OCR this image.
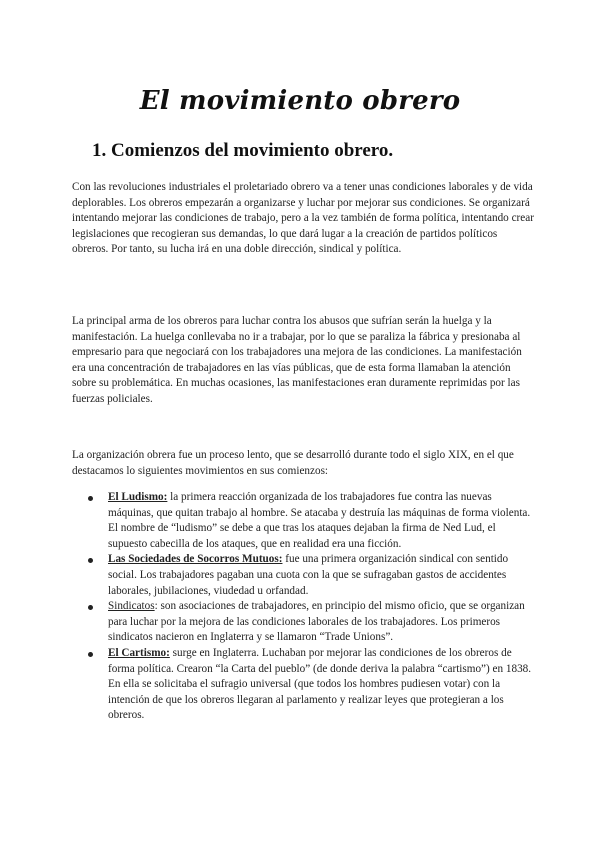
El movimiento obrero
1. Comienzos del movimiento obrero.

Con las revoluciones industriales el proletariado obrero va a tener unas condiciones laborales y de vida deplorables. Los obreros empezarán a organizarse y luchar por mejorar sus condiciones. Se organizará intentando mejorar las condiciones de trabajo, pero a la vez también de forma política, intentando crear legislaciones que recogieran sus demandas, lo que dará lugar a la creación de partidos políticos obreros. Por tanto, su lucha irá en una doble dirección, sindical y política.

La principal arma de los obreros para luchar contra los abusos que sufrían serán la huelga y la manifestación. La huelga conllevaba no ir a trabajar, por lo que se paraliza la fábrica y presionaba al empresario para que negociará con los trabajadores una mejora de las condiciones. La manifestación era una concentración de trabajadores en las vías públicas, que de esta forma llamaban la atención sobre su problemática. En muchas ocasiones, las manifestaciones eran duramente reprimidas por las fuerzas policiales.

La organización obrera fue un proceso lento, que se desarrolló durante todo el siglo XIX, en el que destacamos lo siguientes movimientos en sus comienzos:

El Ludismo: la primera reacción organizada de los trabajadores fue contra las nuevas máquinas, que quitan trabajo al hombre. Se atacaba y destruía las máquinas de forma violenta. El nombre de “ludismo” se debe a que tras los ataques dejaban la firma de Ned Lud, el supuesto cabecilla de los ataques, que en realidad era una ficción.
Las Sociedades de Socorros Mutuos: fue una primera organización sindical con sentido social. Los trabajadores pagaban una cuota con la que se sufragaban gastos de accidentes laborales, jubilaciones, viudedad u orfandad.
Sindicatos: son asociaciones de trabajadores, en principio del mismo oficio, que se organizan para luchar por la mejora de las condiciones laborales de los trabajadores. Los primeros sindicatos nacieron en Inglaterra y se llamaron “Trade Unions”.
El Cartismo: surge en Inglaterra. Luchaban por mejorar las condiciones de los obreros de forma política. Crearon “la Carta del pueblo” (de donde deriva la palabra “cartismo”) en 1838. En ella se solicitaba el sufragio universal (que todos los hombres pudiesen votar) con la intención de que los obreros llegaran al parlamento y realizar leyes que protegieran a los obreros.
